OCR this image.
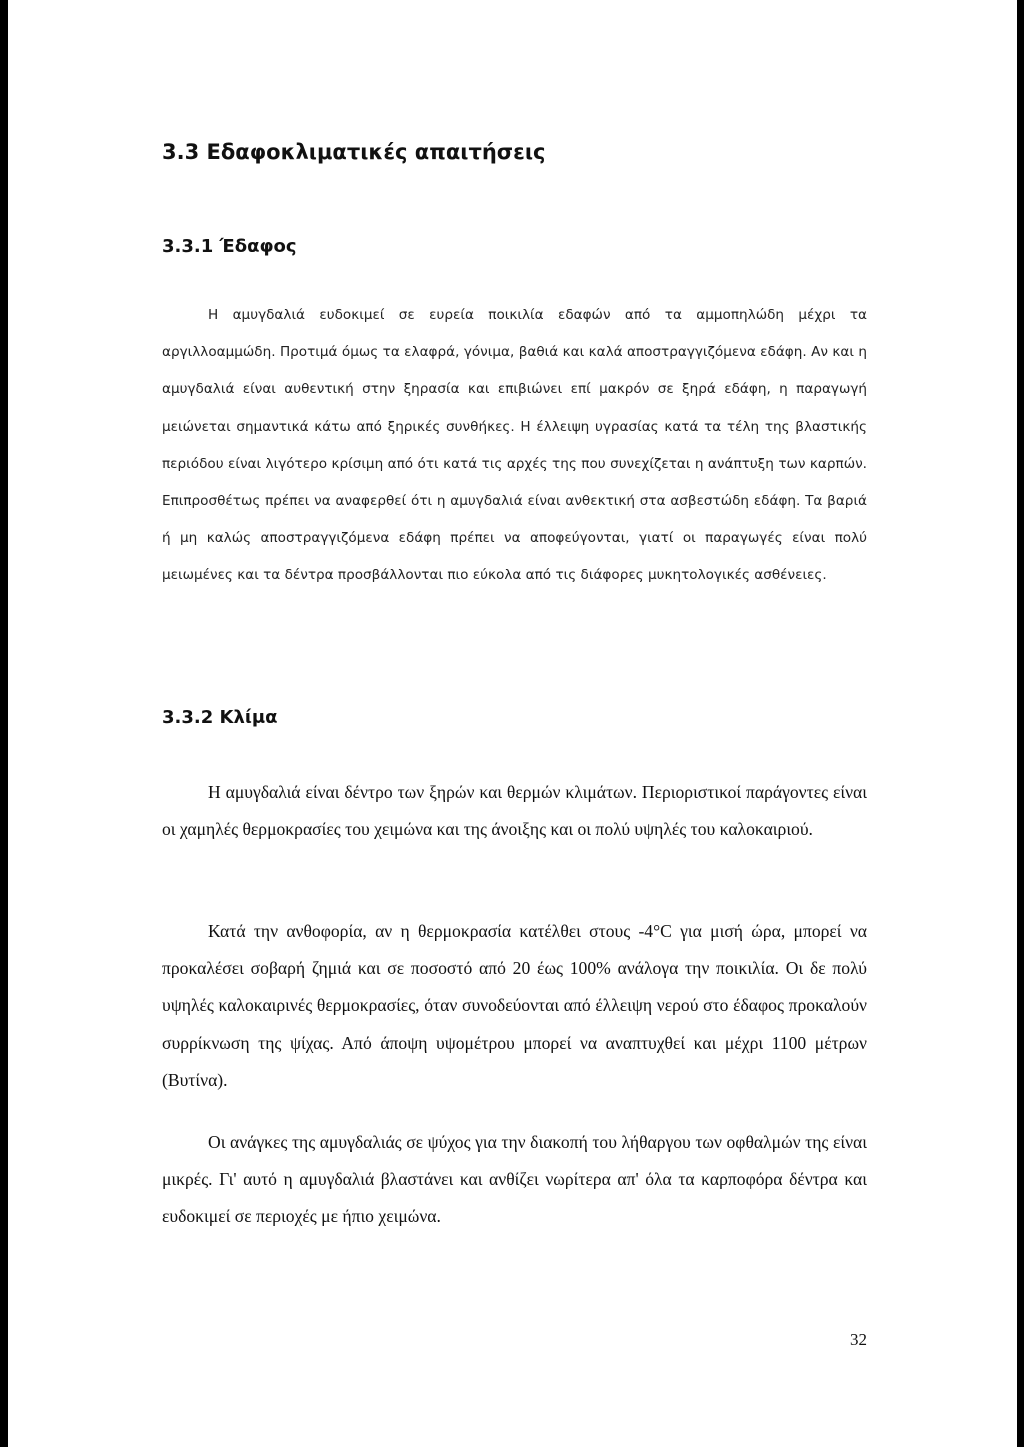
3.3 Εδαφοκλιματικές απαιτήσεις
3.3.1 Έδαφος

Η αμυγδαλιά ευδοκιμεί σε ευρεία ποικιλία εδαφών από τα αμμοπηλώδη μέχρι τα αργιλλοαμμώδη. Προτιμά όμως τα ελαφρά, γόνιμα, βαθιά και καλά αποστραγγιζόμενα εδάφη. Αν και η αμυγδαλιά είναι αυθεντική στην ξηρασία και επιβιώνει επί μακρόν σε ξηρά εδάφη, η παραγωγή μειώνεται σημαντικά κάτω από ξηρικές συνθήκες. Η έλλειψη υγρασίας κατά τα τέλη της βλαστικής περιόδου είναι λιγότερο κρίσιμη από ότι κατά τις αρχές της που συνεχίζεται η ανάπτυξη των καρπών. Επιπροσθέτως πρέπει να αναφερθεί ότι η αμυγδαλιά είναι ανθεκτική στα ασβεστώδη εδάφη. Τα βαριά ή μη καλώς αποστραγγιζόμενα εδάφη πρέπει να αποφεύγονται, γιατί οι παραγωγές είναι πολύ μειωμένες και τα δέντρα προσβάλλονται πιο εύκολα από τις διάφορες μυκητολογικές ασθένειες.

3.3.2 Κλίμα

Η αμυγδαλιά είναι δέντρο των ξηρών και θερμών κλιμάτων. Περιοριστικοί παράγοντες είναι οι χαμηλές θερμοκρασίες του χειμώνα και της άνοιξης και οι πολύ υψηλές του καλοκαιριού.

Κατά την ανθοφορία, αν η θερμοκρασία κατέλθει στους -4°C για μισή ώρα, μπορεί να προκαλέσει σοβαρή ζημιά και σε ποσοστό από 20 έως 100% ανάλογα την ποικιλία. Οι δε πολύ υψηλές καλοκαιρινές θερμοκρασίες, όταν συνοδεύονται από έλλειψη νερού στο έδαφος προκαλούν συρρίκνωση της ψίχας. Από άποψη υψομέτρου μπορεί να αναπτυχθεί και μέχρι 1100 μέτρων (Βυτίνα).

Οι ανάγκες της αμυγδαλιάς σε ψύχος για την διακοπή του λήθαργου των οφθαλμών της είναι μικρές. Γι' αυτό η αμυγδαλιά βλαστάνει και ανθίζει νωρίτερα απ' όλα τα καρποφόρα δέντρα και ευδοκιμεί σε περιοχές με ήπιο χειμώνα.

32
